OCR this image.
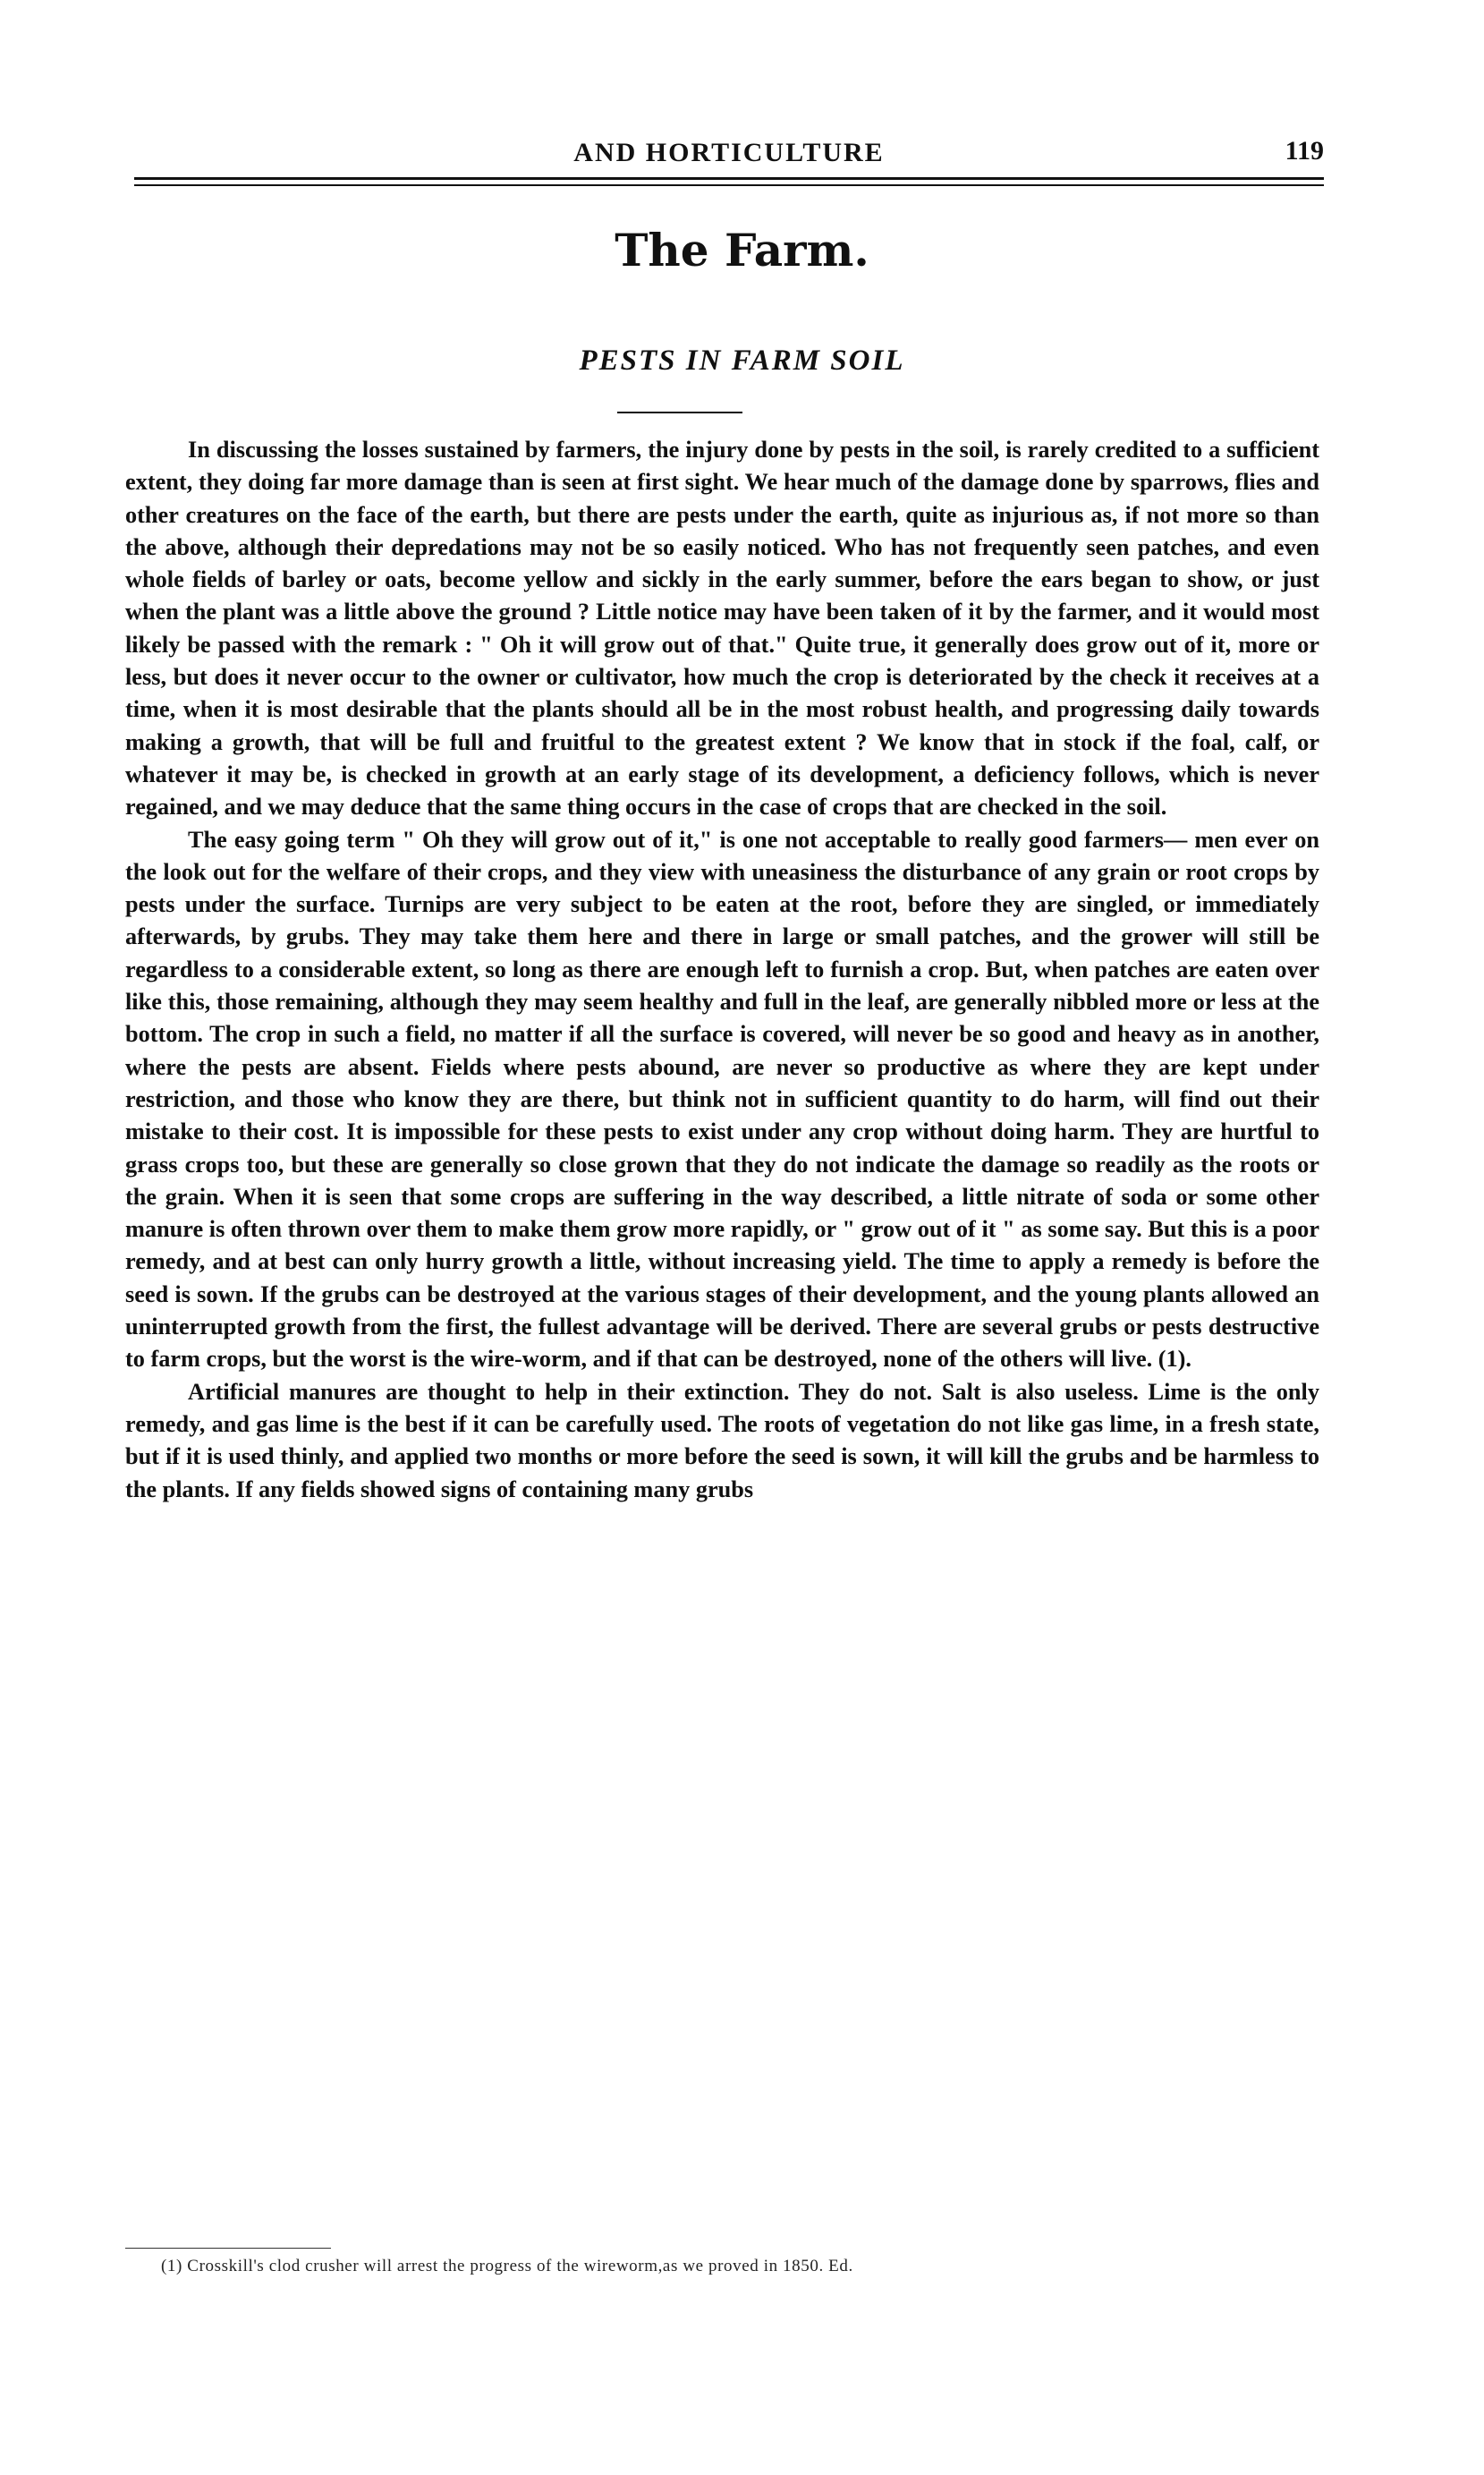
AND HORTICULTURE	119
The Farm.
PESTS IN FARM SOIL

In discussing the losses sustained by farmers, the injury done by pests in the soil, is rarely credited to a sufficient extent, they doing far more damage than is seen at first sight. We hear much of the damage done by sparrows, flies and other creatures on the face of the earth, but there are pests under the earth, quite as injurious as, if not more so than the above, although their depredations may not be so easily noticed. Who has not frequently seen patches, and even whole fields of barley or oats, become yellow and sickly in the early summer, before the ears began to show, or just when the plant was a little above the ground ? Little notice may have been taken of it by the farmer, and it would most likely be passed with the remark : " Oh it will grow out of that." Quite true, it generally does grow out of it, more or less, but does it never occur to the owner or cultivator, how much the crop is deteriorated by the check it receives at a time, when it is most desirable that the plants should all be in the most robust health, and progressing daily towards making a growth, that will be full and fruitful to the greatest extent ? We know that in stock if the foal, calf, or whatever it may be, is checked in growth at an early stage of its development, a deficiency follows, which is never regained, and we may deduce that the same thing occurs in the case of crops that are checked in the soil.

The easy going term " Oh they will grow out of it," is one not acceptable to really good farmers— men ever on the look out for the welfare of their crops, and they view with uneasiness the disturbance of any grain or root crops by pests under the surface. Turnips are very subject to be eaten at the root, before they are singled, or immediately afterwards, by grubs. They may take them here and there in large or small patches, and the grower will still be regardless to a considerable extent, so long as there are enough left to furnish a crop. But, when patches are eaten over like this, those remaining, although they may seem healthy and full in the leaf, are generally nibbled more or less at the bottom. The crop in such a field, no matter if all the surface is covered, will never be so good and heavy as in another, where the pests are absent. Fields where pests abound, are never so productive as where they are kept under restriction, and those who know they are there, but think not in sufficient quantity to do harm, will find out their mistake to their cost. It is impossible for these pests to exist under any crop without doing harm. They are hurtful to grass crops too, but these are generally so close grown that they do not indicate the damage so readily as the roots or the grain. When it is seen that some crops are suffering in the way described, a little nitrate of soda or some other manure is often thrown over them to make them grow more rapidly, or " grow out of it " as some say. But this is a poor remedy, and at best can only hurry growth a little, without increasing yield. The time to apply a remedy is before the seed is sown. If the grubs can be destroyed at the various stages of their development, and the young plants allowed an uninterrupted growth from the first, the fullest advantage will be derived. There are several grubs or pests destructive to farm crops, but the worst is the wire-worm, and if that can be destroyed, none of the others will live. (1).

Artificial manures are thought to help in their extinction. They do not. Salt is also useless. Lime is the only remedy, and gas lime is the best if it can be carefully used. The roots of vegetation do not like gas lime, in a fresh state, but if it is used thinly, and applied two months or more before the seed is sown, it will kill the grubs and be harmless to the plants. If any fields showed signs of containing many grubs

(1) Crosskill's clod crusher will arrest the progress of the wireworm,as we proved in 1850. Ed.
